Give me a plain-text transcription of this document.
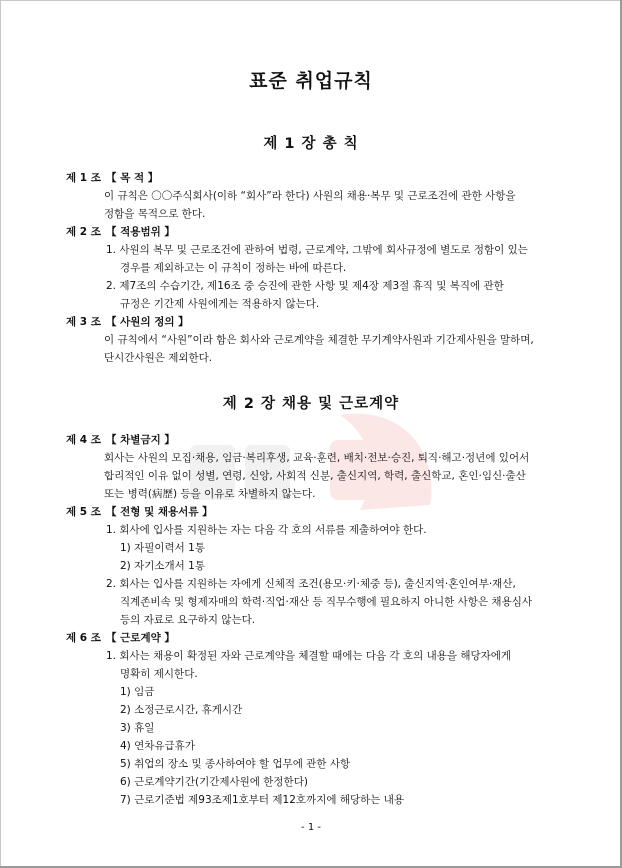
표준 취업규칙
제 1 장 총 칙
제 1 조 【 목 적 】
이 규칙은 〇〇주식회사(이하 “회사”라 한다) 사원의 채용·복무 및 근로조건에 관한 사항을
정함을 목적으로 한다.
제 2 조 【 적용범위 】
1. 사원의 복무 및 근로조건에 관하여 법령, 근로계약, 그밖에 회사규정에 별도로 정함이 있는
경우를 제외하고는 이 규칙이 정하는 바에 따른다.
2. 제7조의 수습기간, 제16조 중 승진에 관한 사항 및 제4장 제3절 휴직 및 복직에 관한
규정은 기간제 사원에게는 적용하지 않는다.
제 3 조 【 사원의 정의 】
이 규칙에서 “사원”이라 함은 회사와 근로계약을 체결한 무기계약사원과 기간제사원을 말하며,
단시간사원은 제외한다.
제 2 장 채용 및 근로계약
제 4 조 【 차별금지 】
회사는 사원의 모집·채용, 임금·복리후생, 교육·훈련, 배치·전보·승진, 퇴직·해고·정년에 있어서
합리적인 이유 없이 성별, 연령, 신앙, 사회적 신분, 출신지역, 학력, 출신학교, 혼인·임신·출산
또는 병력(病歷) 등을 이유로 차별하지 않는다.
제 5 조 【 전형 및 채용서류 】
1. 회사에 입사를 지원하는 자는 다음 각 호의 서류를 제출하여야 한다.
1) 자필이력서 1통
2) 자기소개서 1통
2. 회사는 입사를 지원하는 자에게 신체적 조건(용모·키·체중 등), 출신지역·혼인여부·재산,
직계존비속 및 형제자매의 학력·직업·재산 등 직무수행에 필요하지 아니한 사항은 채용심사
등의 자료로 요구하지 않는다.
제 6 조 【 근로계약 】
1. 회사는 채용이 확정된 자와 근로계약을 체결할 때에는 다음 각 호의 내용을 해당자에게
명확히 제시한다.
1) 임금
2) 소정근로시간, 휴게시간
3) 휴일
4) 연차유급휴가
5) 취업의 장소 및 종사하여야 할 업무에 관한 사항
6) 근로계약기간(기간제사원에 한정한다)
7) 근로기준법 제93조제1호부터 제12호까지에 해당하는 내용
- 1 -
